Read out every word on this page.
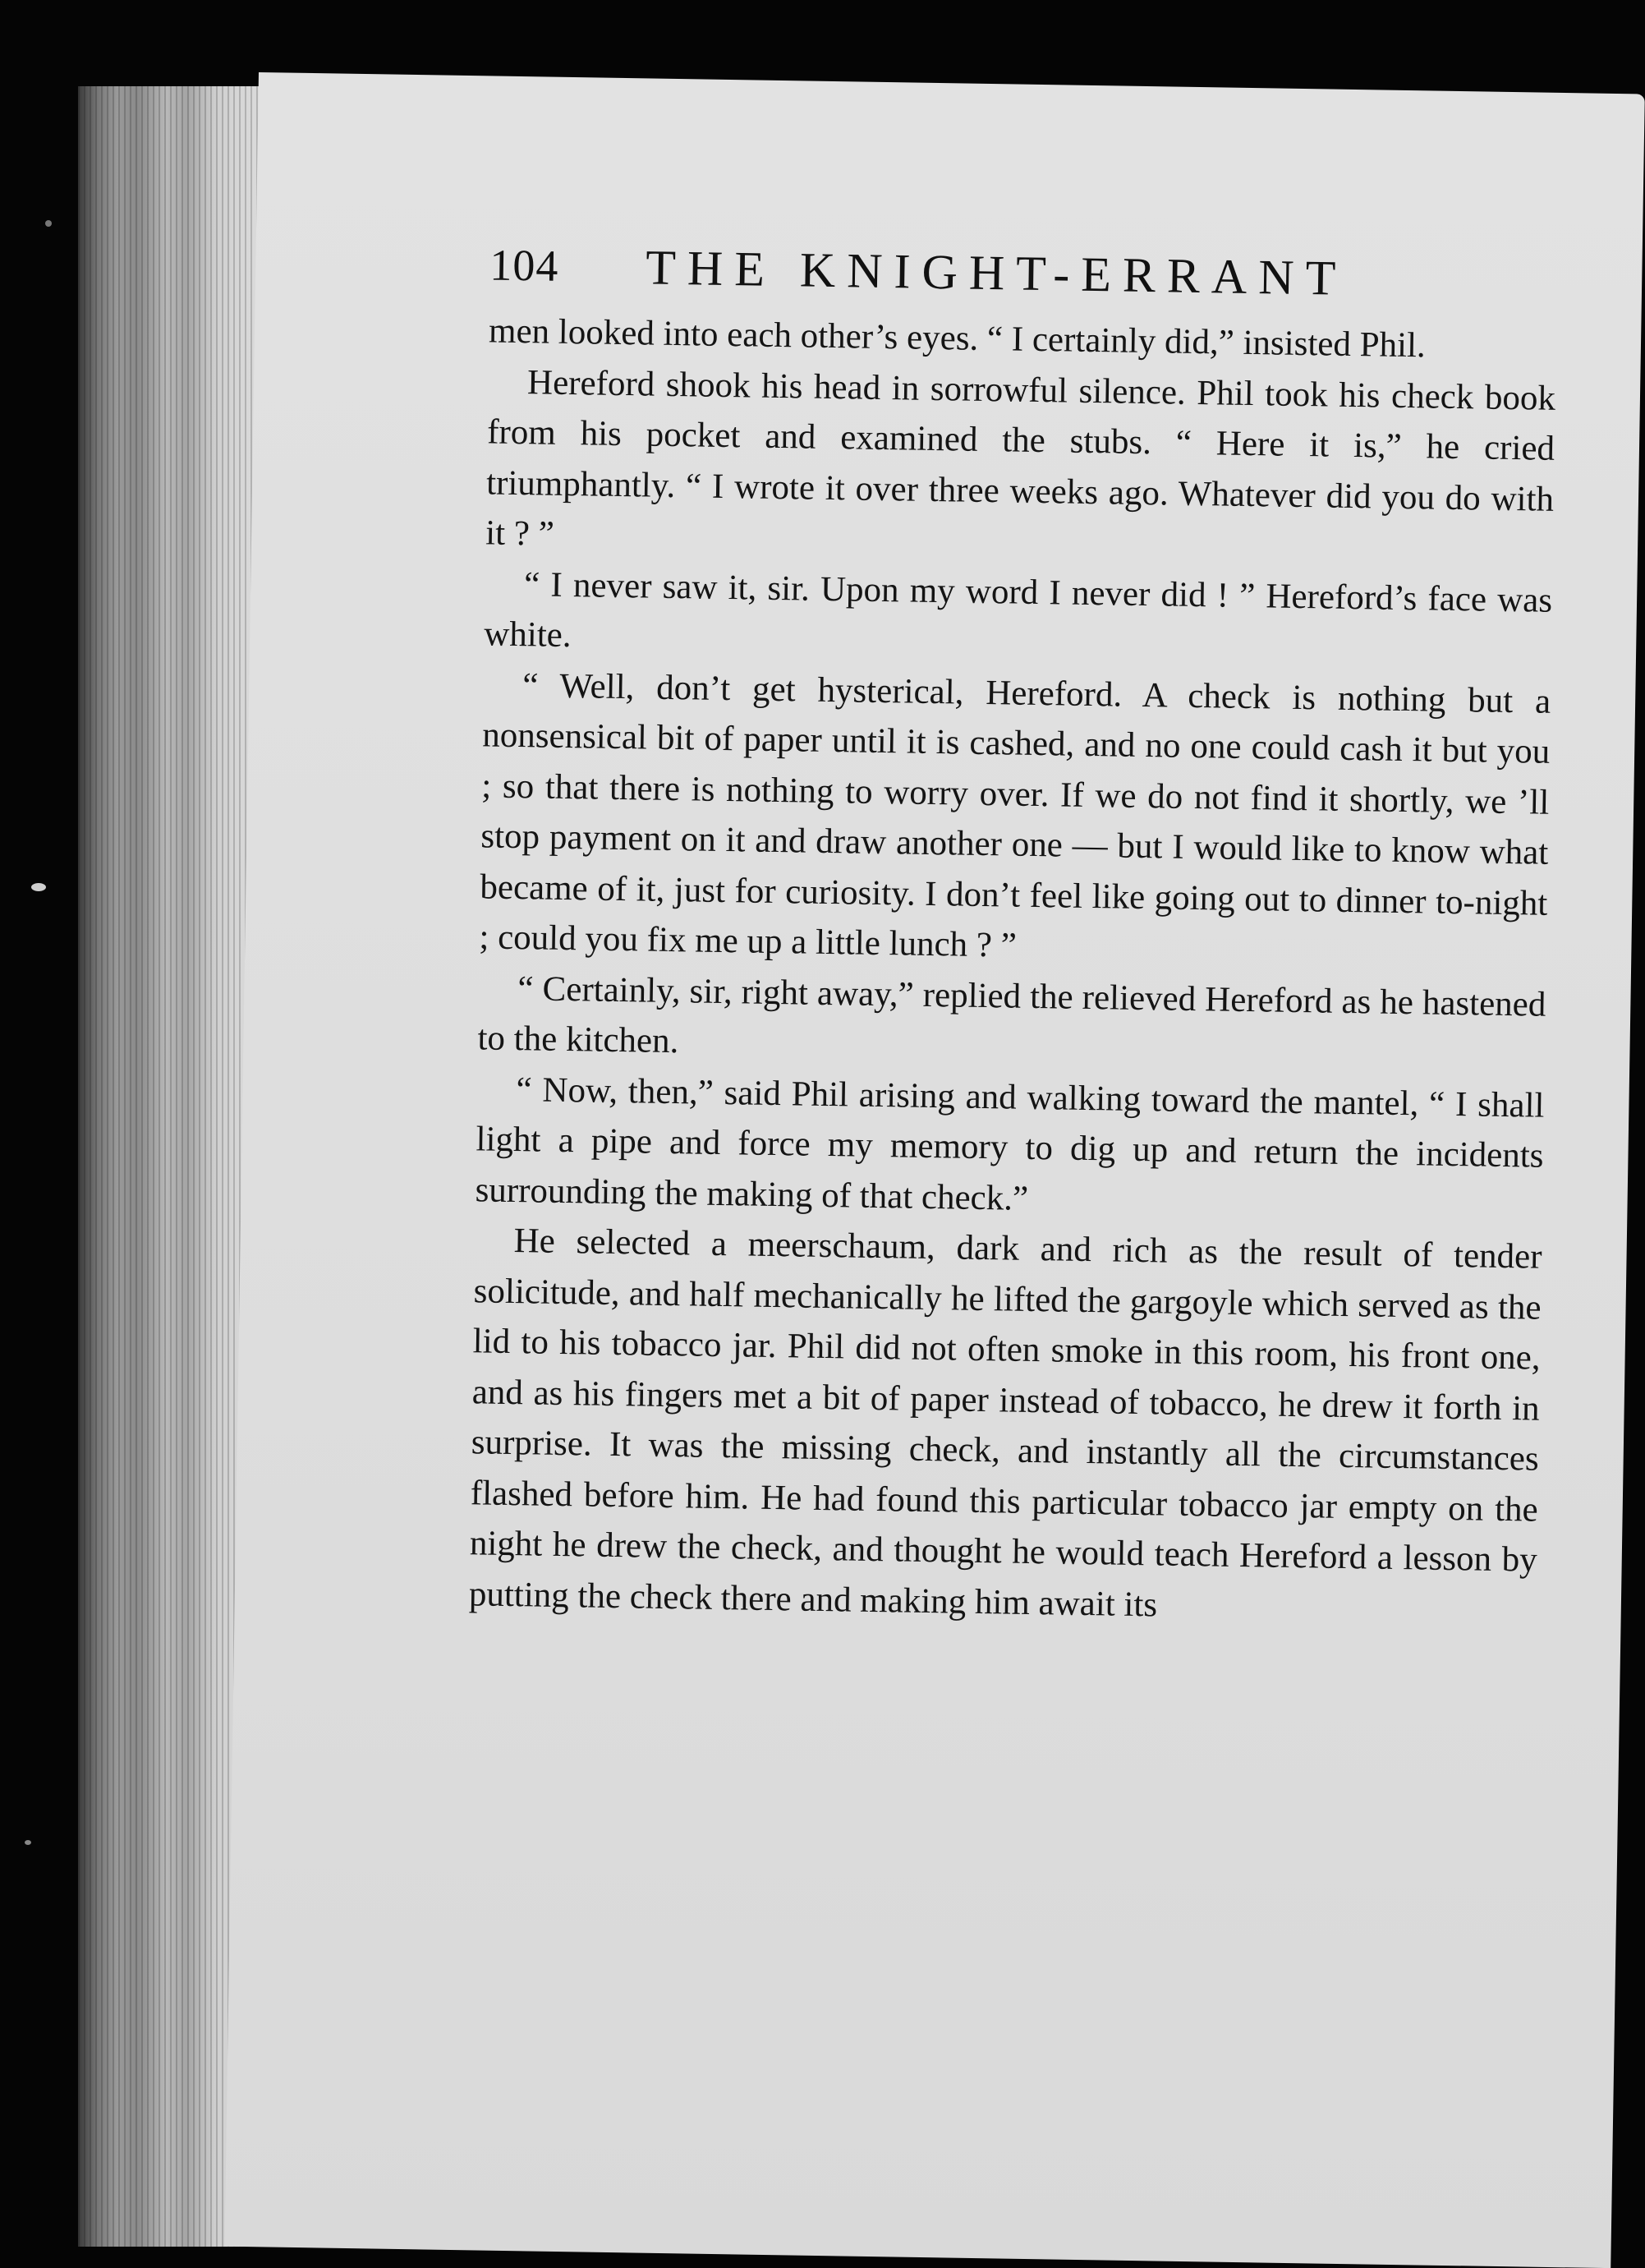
104 THE KNIGHT-ERRANT

men looked into each other’s eyes. “ I certainly did,” insisted Phil.

Hereford shook his head in sorrowful silence. Phil took his check book from his pocket and examined the stubs. “ Here it is,” he cried triumphantly. “ I wrote it over three weeks ago. Whatever did you do with it ? ”

“ I never saw it, sir. Upon my word I never did ! ” Hereford’s face was white.

“ Well, don’t get hysterical, Hereford. A check is nothing but a nonsensical bit of paper until it is cashed, and no one could cash it but you ; so that there is nothing to worry over. If we do not find it shortly, we ’ll stop payment on it and draw another one — but I would like to know what became of it, just for curiosity. I don’t feel like going out to dinner to-night ; could you fix me up a little lunch ? ”

“ Certainly, sir, right away,” replied the relieved Hereford as he hastened to the kitchen.

“ Now, then,” said Phil arising and walking toward the mantel, “ I shall light a pipe and force my memory to dig up and return the incidents surrounding the making of that check.”

He selected a meerschaum, dark and rich as the result of tender solicitude, and half mechanically he lifted the gargoyle which served as the lid to his tobacco jar. Phil did not often smoke in this room, his front one, and as his fingers met a bit of paper instead of tobacco, he drew it forth in surprise. It was the missing check, and instantly all the circumstances flashed before him. He had found this particular tobacco jar empty on the night he drew the check, and thought he would teach Hereford a lesson by putting the check there and making him await its
